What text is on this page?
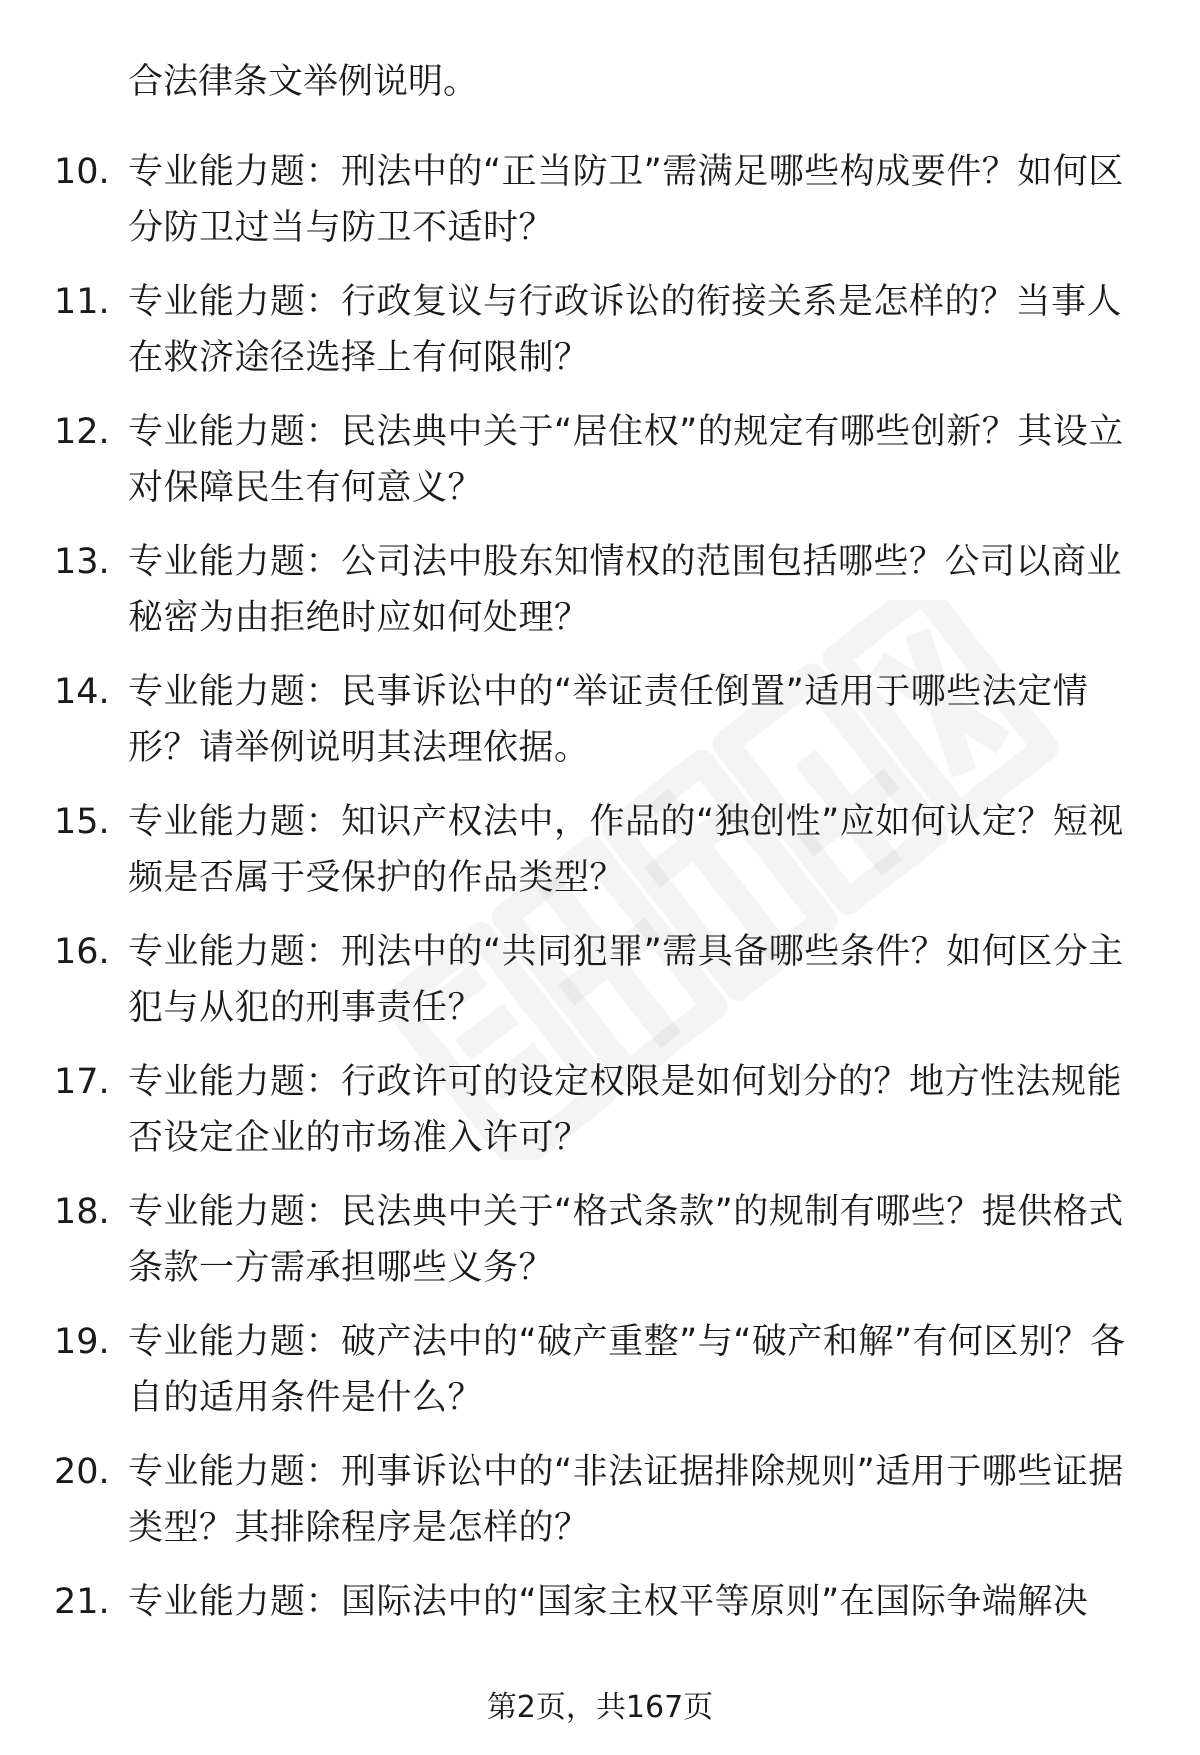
合法律条文举例说明。
10. 专业能力题：刑法中的“正当防卫”需满足哪些构成要件？如何区分防卫过当与防卫不适时？
11. 专业能力题：行政复议与行政诉讼的衔接关系是怎样的？当事人在救济途径选择上有何限制？
12. 专业能力题：民法典中关于“居住权”的规定有哪些创新？其设立对保障民生有何意义？
13. 专业能力题：公司法中股东知情权的范围包括哪些？公司以商业秘密为由拒绝时应如何处理？
14. 专业能力题：民事诉讼中的“举证责任倒置”适用于哪些法定情形？请举例说明其法理依据。
15. 专业能力题：知识产权法中，作品的“独创性”应如何认定？短视频是否属于受保护的作品类型？
16. 专业能力题：刑法中的“共同犯罪”需具备哪些条件？如何区分主犯与从犯的刑事责任？
17. 专业能力题：行政许可的设定权限是如何划分的？地方性法规能否设定企业的市场准入许可？
18. 专业能力题：民法典中关于“格式条款”的规制有哪些？提供格式条款一方需承担哪些义务？
19. 专业能力题：破产法中的“破产重整”与“破产和解”有何区别？各自的适用条件是什么？
20. 专业能力题：刑事诉讼中的“非法证据排除规则”适用于哪些证据类型？其排除程序是怎样的？
21. 专业能力题：国际法中的“国家主权平等原则”在国际争端解决
第2页，共167页
